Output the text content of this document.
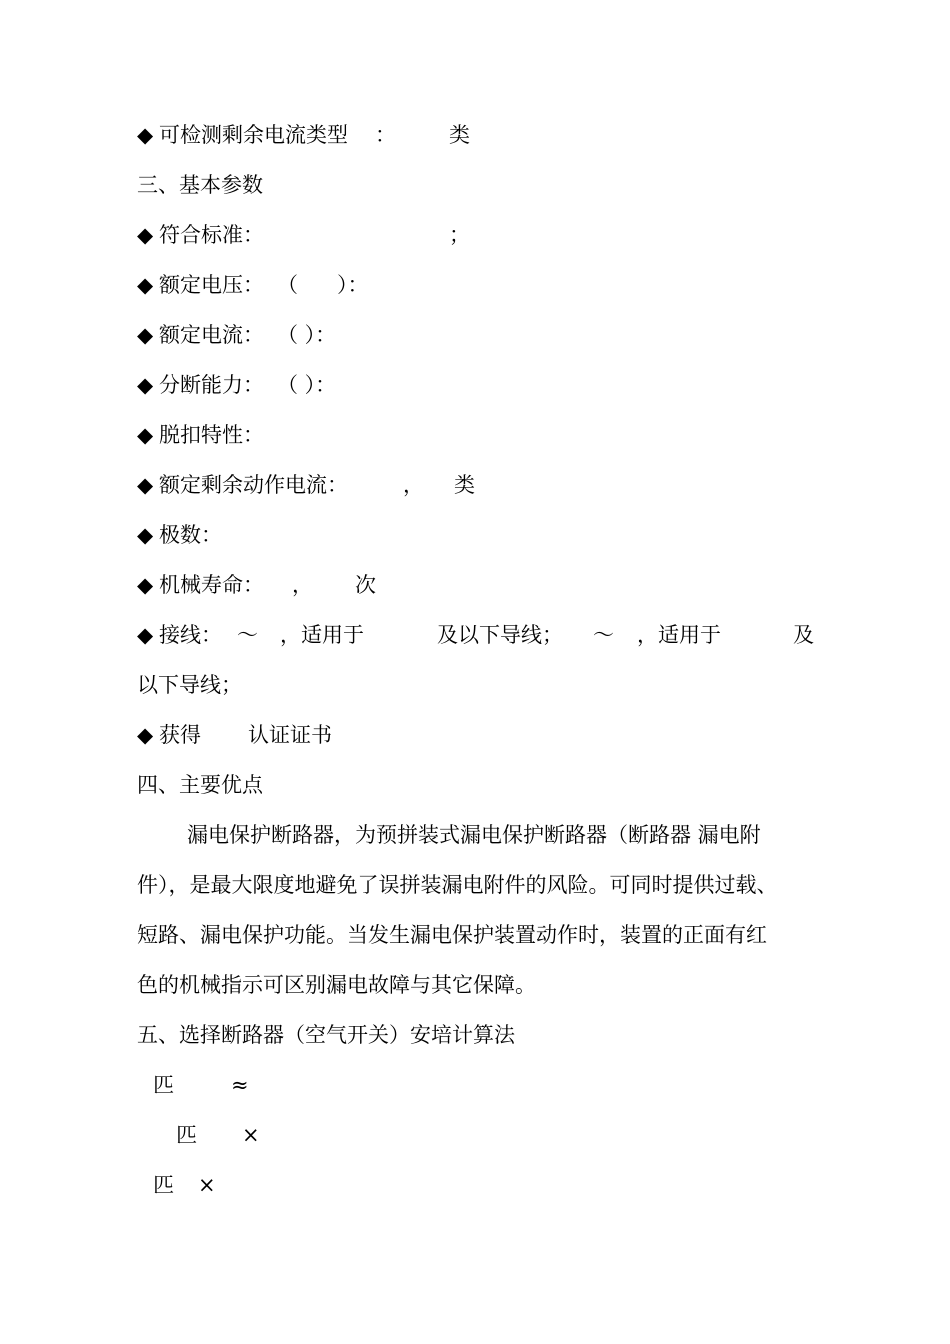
◆

可检测剩余电流类型

：

	类

三、基本参数

◆

符合标准：

	；

◆

额定电压：

（

）：

◆

额定电流：

（ ）：

◆

分断能力：

（ ）：

◆

脱扣特性：

◆

额定剩余动作电流：

	，

类

◆

极数：

◆

机械寿命：

，

次

◆

接线：

～

，适用于

	及以下导线；

～

，适用于

	及

以下导线；

◆

获得

认证证书

四、主要优点
漏电保护断路器，为预拼装式漏电保护断路器（断路器 漏电附
件），是最大限度地避免了误拼装漏电附件的风险。可同时提供过载、
短路、漏电保护功能。当发生漏电保护装置动作时，装置的正面有红
色的机械指示可区别漏电故障与其它保障。
五、选择断路器（空气开关）安培计算法

匹

	≈

匹

×

匹

×
